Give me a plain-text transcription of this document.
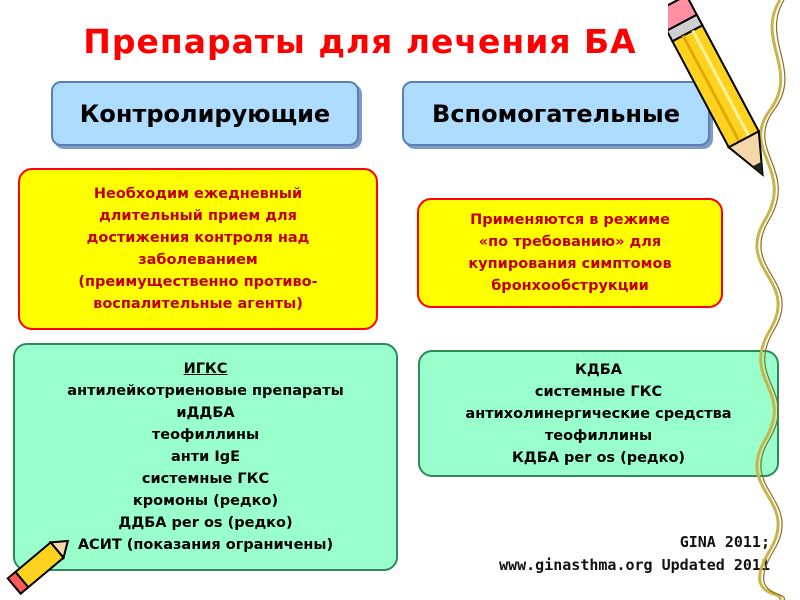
Препараты для лечения БА
Контролирующие	Вспомогательные
Необходим ежедневный
длительный прием для
достижения контроля над
заболеванием
(преимущественно противо-
воспалительные агенты)
Применяются в режиме
«по требованию» для
купирования симптомов
бронхообструкции
ИГКС
антилейкотриеновые препараты
иДДБА
теофиллины
анти IgE
системные ГКС
кромоны (редко)
ДДБА per os (редко)
АСИТ (показания ограничены)
КДБА
системные ГКС
антихолинергические средства
теофиллины
КДБА per os (редко)
GINA 2011;
www.ginasthma.org Updated 2011
